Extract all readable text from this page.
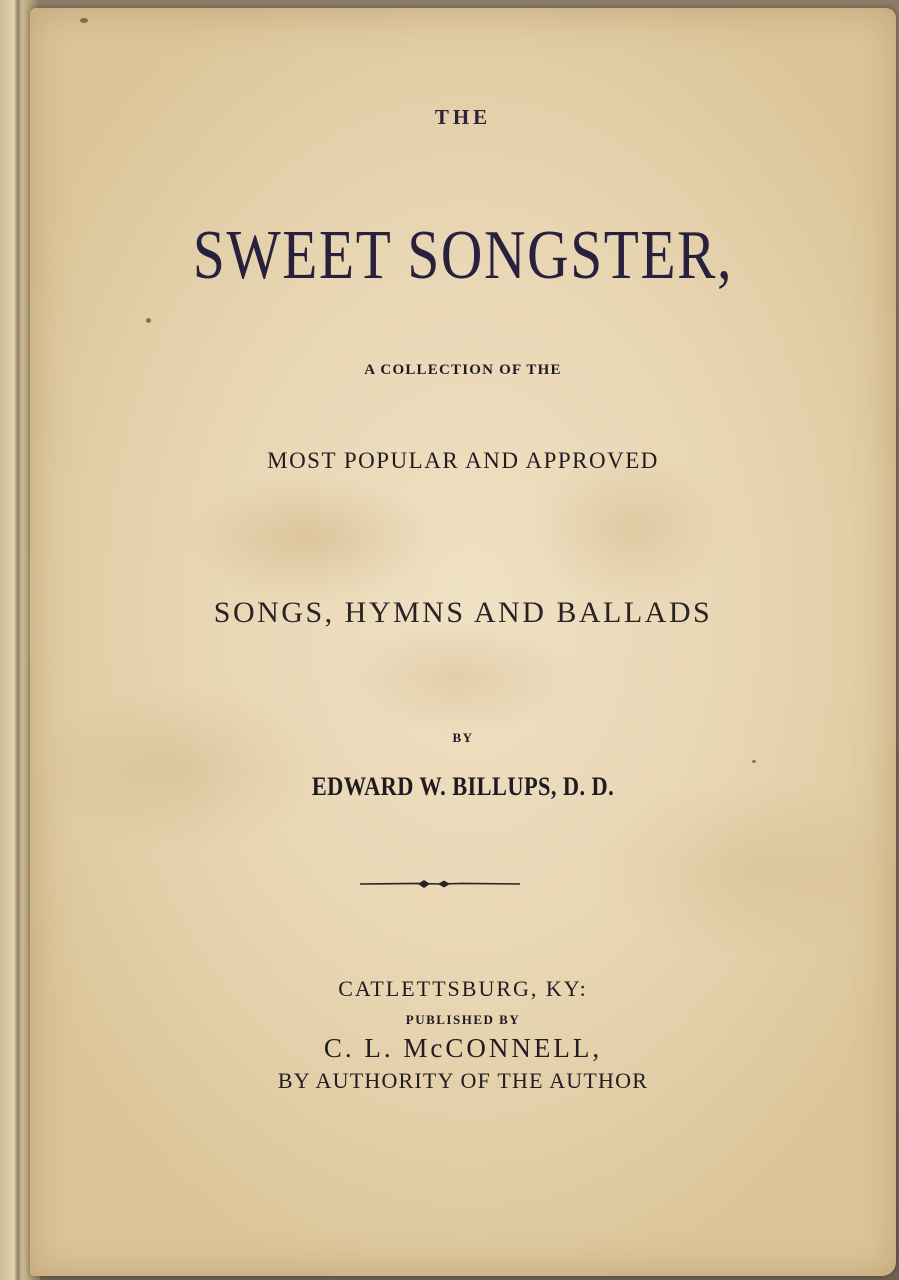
THE
SWEET SONGSTER,
A COLLECTION OF THE
MOST POPULAR AND APPROVED
SONGS, HYMNS AND BALLADS
BY
EDWARD W. BILLUPS, D. D.
CATLETTSBURG, KY:
PUBLISHED BY
C. L. McCONNELL,
BY AUTHORITY OF THE AUTHOR
